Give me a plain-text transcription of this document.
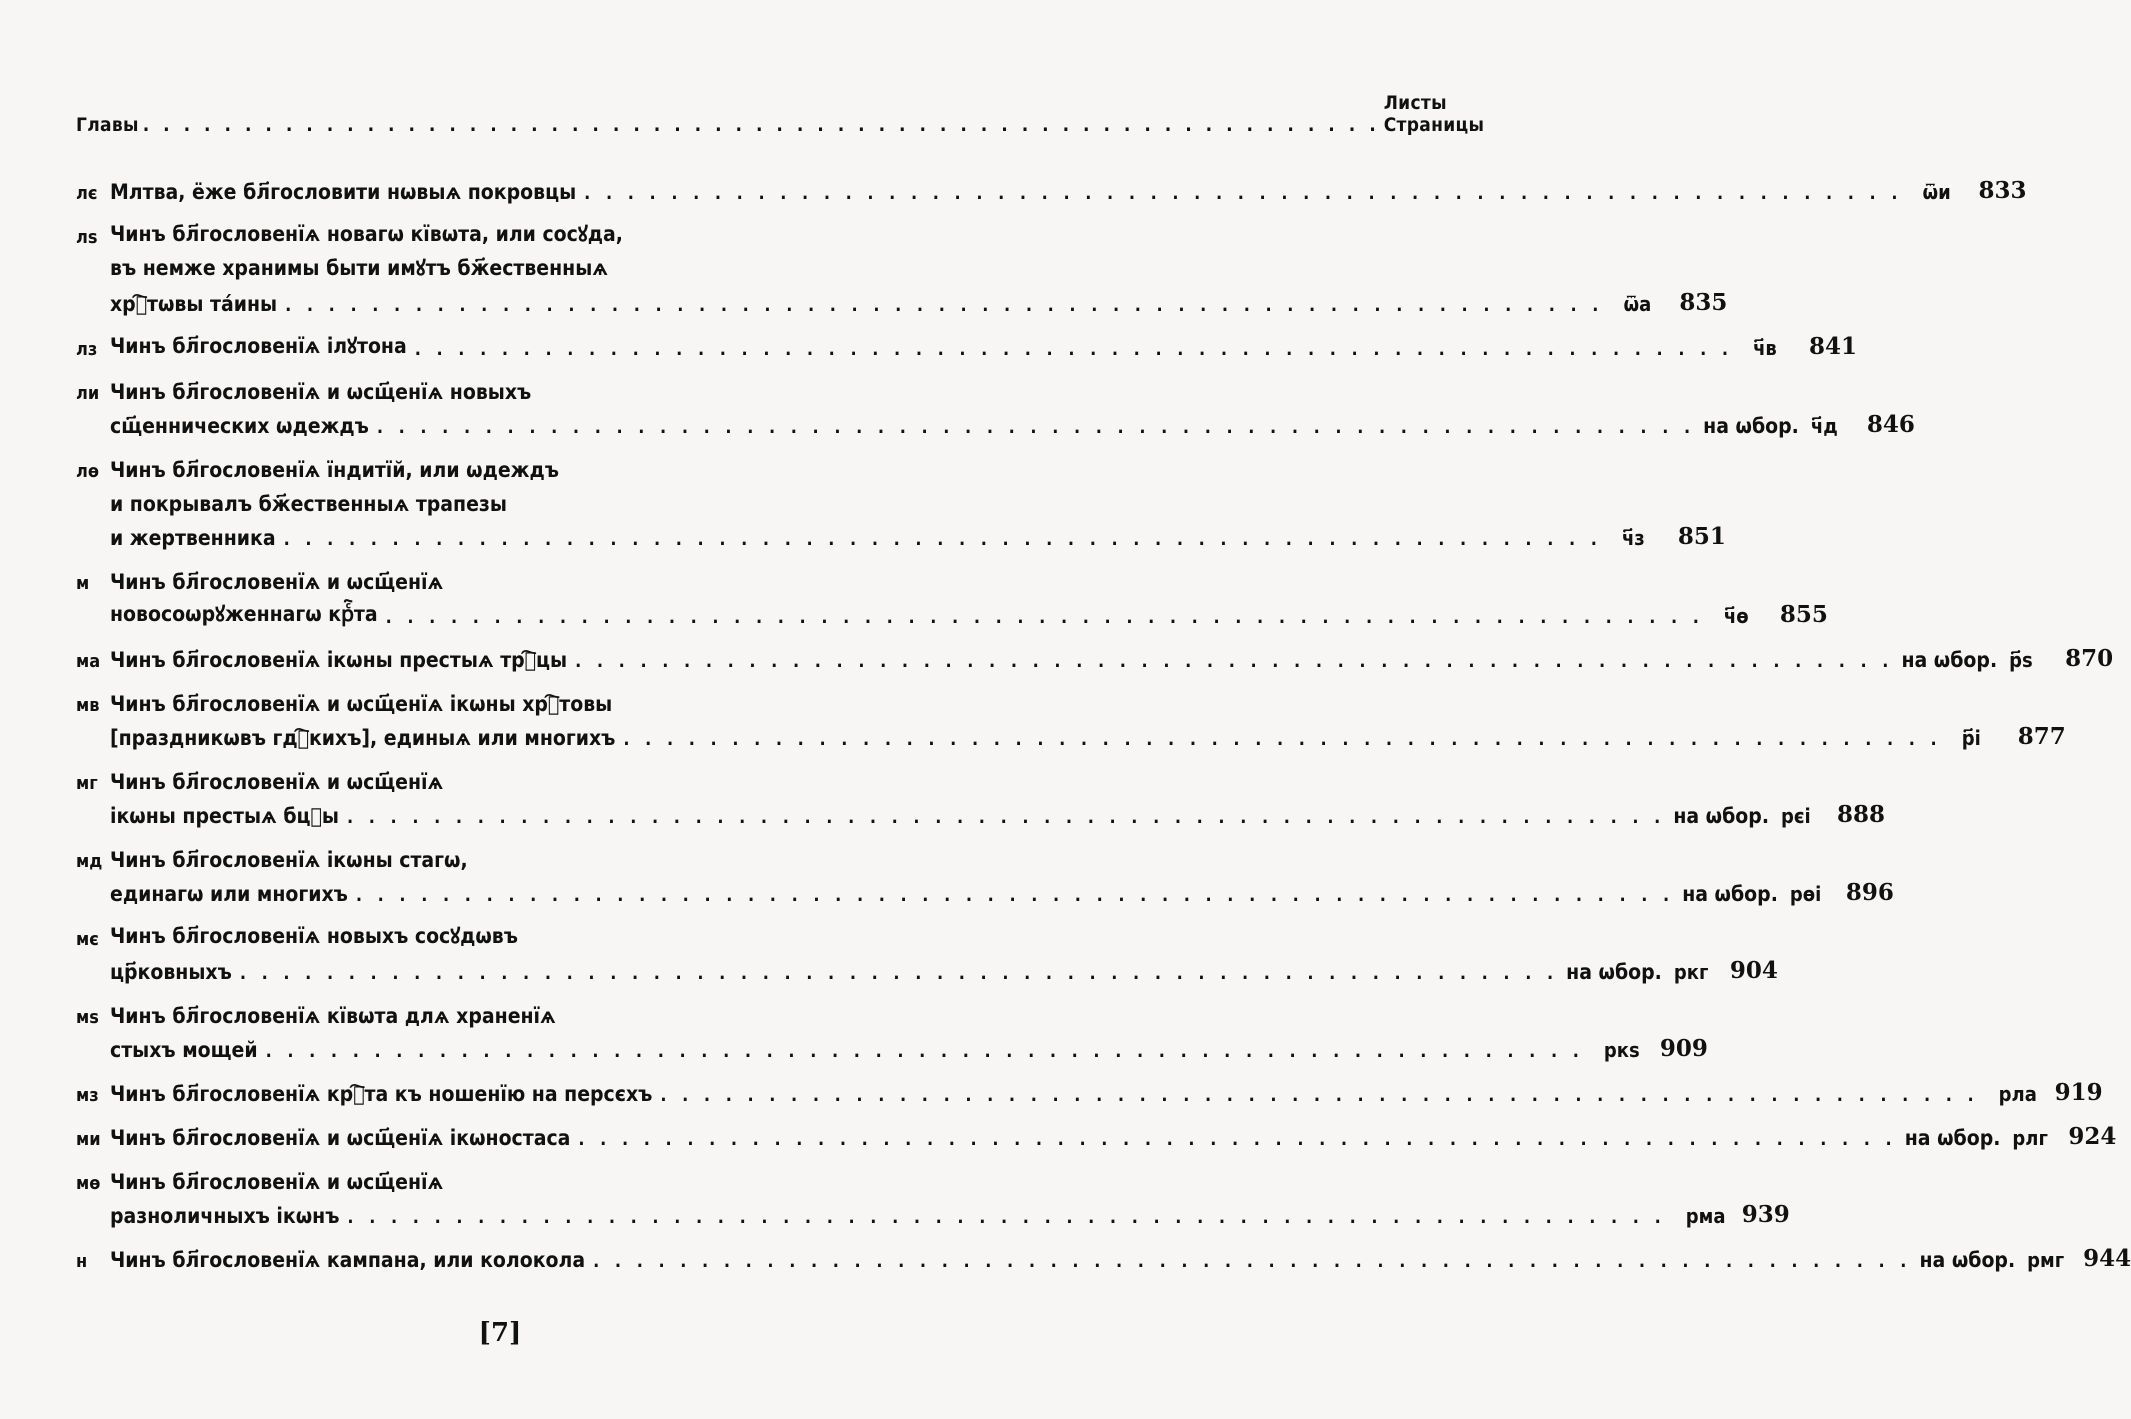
Главы . . . . . . . . . . . . . . . . . . . . . . . . . . . . . . . . . . . . . . . . . . . . . . . . . . . . . . . . . . . . .
Листы Страницы
лє Млтва, ёже бл҃гословити нѡвыѧ покровцы . . . . . . . . . . . . . . . . . . . . . . . . . . . . . . . . . . . . . . . . . . . . . . . . . . . . . . . . . . . . . ѿи	833
лѕ Чинъ бл҃гословенїѧ новагѡ кївѡта, или сосꙋда,
въ немже хранимы быти имꙋтъ бж҃ественныѧ
хрⷭ҇тѡвы та́ины . . . . . . . . . . . . . . . . . . . . . . . . . . . . . . . . . . . . . . . . . . . . . . . . . . . . . . . . . . . . . ѿа	835
лз Чинъ бл҃гословенїѧ ілꙋтона . . . . . . . . . . . . . . . . . . . . . . . . . . . . . . . . . . . . . . . . . . . . . . . . . . . . . . . . . . . . . ч҃в	841
ли Чинъ бл҃гословенїѧ и ѡсщ҃енїѧ новыхъ
сщ҃еннических ѡдеждъ . . . . . . . . . . . . . . . . . . . . . . . . . . . . . . . . . . . . . . . . . . . . . . . . . . . . . . . . . . . . . на ѡбор. ч҃д	846
лѳ Чинъ бл҃гословенїѧ їндитїй, или ѡдеждъ
и покрывалъ бж҃ественныѧ трапезы
и жертвенника . . . . . . . . . . . . . . . . . . . . . . . . . . . . . . . . . . . . . . . . . . . . . . . . . . . . . . . . . . . . . ч҃з	851
м Чинъ бл҃гословенїѧ и ѡсщ҃енїѧ
новосоѡрꙋженнагѡ крⷭ҇та . . . . . . . . . . . . . . . . . . . . . . . . . . . . . . . . . . . . . . . . . . . . . . . . . . . . . . . . . . . . . ч҃ѳ	855
ма Чинъ бл҃гословенїѧ ікѡны престыѧ трⷪ҇цы . . . . . . . . . . . . . . . . . . . . . . . . . . . . . . . . . . . . . . . . . . . . . . . . . . . . . . . . . . . . . на ѡбор. р҃ѕ	870
мв Чинъ бл҃гословенїѧ и ѡсщ҃енїѧ ікѡны хрⷭ҇товы
[праздникѡвъ гдⷭ҇кихъ], единыѧ или многихъ . . . . . . . . . . . . . . . . . . . . . . . . . . . . . . . . . . . . . . . . . . . . . . . . . . . . . . . . . . . . . р҃і	877
мг Чинъ бл҃гословенїѧ и ѡсщ҃енїѧ
ікѡны престыѧ бцⷣы . . . . . . . . . . . . . . . . . . . . . . . . . . . . . . . . . . . . . . . . . . . . . . . . . . . . . . . . . . . . . на ѡбор. рєі	888
мд Чинъ бл҃гословенїѧ ікѡны стагѡ,
единагѡ или многихъ . . . . . . . . . . . . . . . . . . . . . . . . . . . . . . . . . . . . . . . . . . . . . . . . . . . . . . . . . . . . . на ѡбор. рѳі	896
мє Чинъ бл҃гословенїѧ новыхъ сосꙋдѡвъ
цр҃ковныхъ . . . . . . . . . . . . . . . . . . . . . . . . . . . . . . . . . . . . . . . . . . . . . . . . . . . . . . . . . . . . . на ѡбор. ркг 904
мѕ Чинъ бл҃гословенїѧ кївѡта длѧ храненїѧ
стыхъ мощей . . . . . . . . . . . . . . . . . . . . . . . . . . . . . . . . . . . . . . . . . . . . . . . . . . . . . . . . . . . . . ркѕ 909
мз Чинъ бл҃гословенїѧ крⷭ҇та къ ношенїю на персєхъ . . . . . . . . . . . . . . . . . . . . . . . . . . . . . . . . . . . . . . . . . . . . . . . . . . . . . . . . . . . . . рла 919
ми Чинъ бл҃гословенїѧ и ѡсщ҃енїѧ ікѡностаса . . . . . . . . . . . . . . . . . . . . . . . . . . . . . . . . . . . . . . . . . . . . . . . . . . . . . . . . . . . . . на ѡбор. рлг 924
мѳ Чинъ бл҃гословенїѧ и ѡсщ҃енїѧ
разноличныхъ ікѡнъ . . . . . . . . . . . . . . . . . . . . . . . . . . . . . . . . . . . . . . . . . . . . . . . . . . . . . . . . . . . . . рма 939
н	Чинъ бл҃гословенїѧ кампана, или колокола . . . . . . . . . . . . . . . . . . . . . . . . . . . . . . . . . . . . . . . . . . . . . . . . . . . . . . . . . . . . . на ѡбор. рмг 944
[7]
